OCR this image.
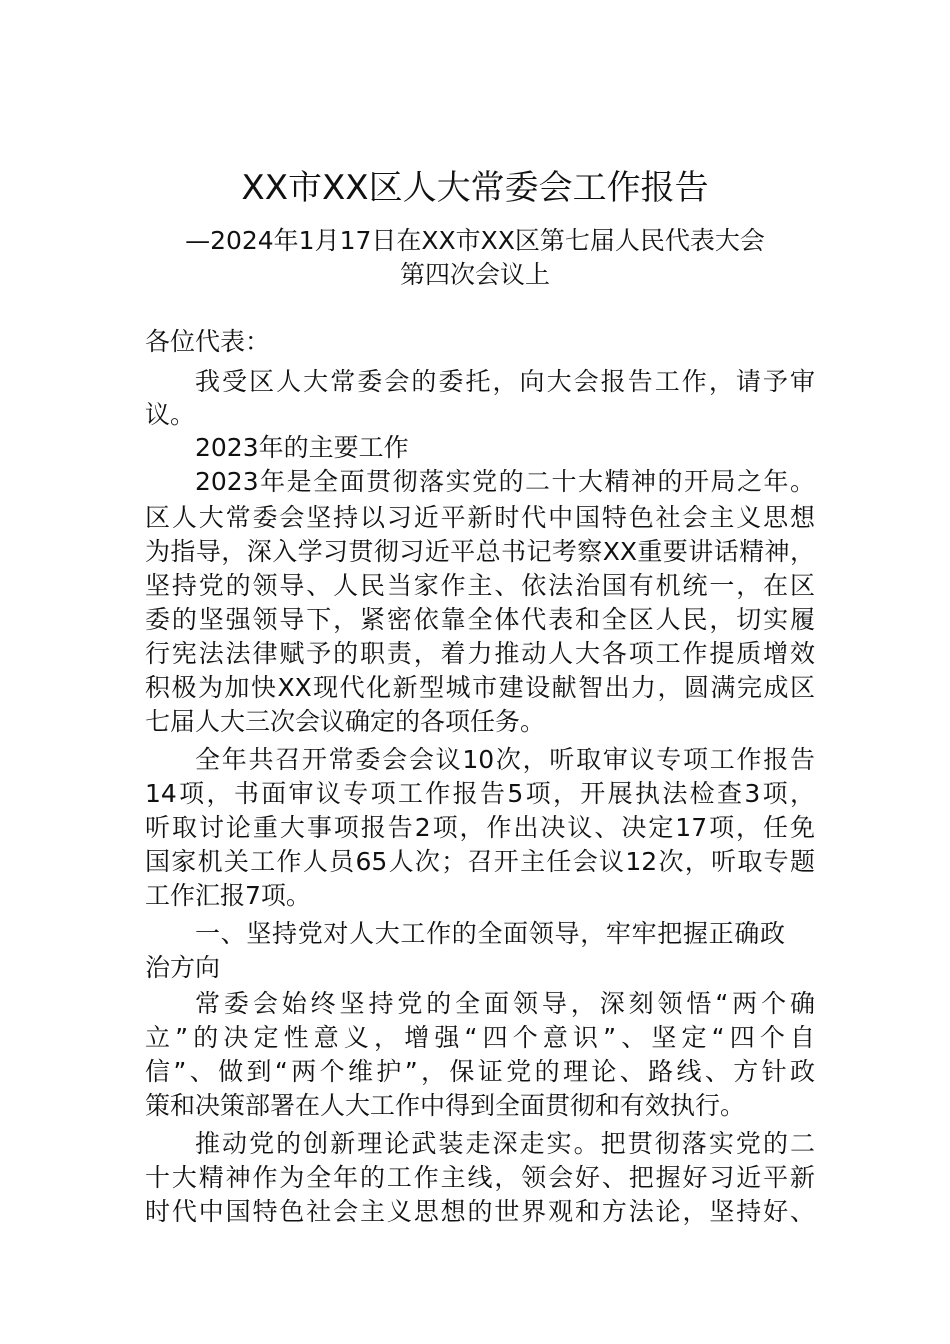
XX市XX区人大常委会工作报告
—2024年1月17日在XX市XX区第七届人民代表大会
第四次会议上
各位代表：
我受区人大常委会的委托，向大会报告工作，请予审
议。
2023年的主要工作
2023年是全面贯彻落实党的二十大精神的开局之年。
区人大常委会坚持以习近平新时代中国特色社会主义思想
为指导，深入学习贯彻习近平总书记考察XX重要讲话精神，
坚持党的领导、人民当家作主、依法治国有机统一，在区
委的坚强领导下，紧密依靠全体代表和全区人民，切实履
行宪法法律赋予的职责，着力推动人大各项工作提质增效
积极为加快XX现代化新型城市建设献智出力，圆满完成区
七届人大三次会议确定的各项任务。
全年共召开常委会会议10次，听取审议专项工作报告
14项，书面审议专项工作报告5项，开展执法检查3项，
听取讨论重大事项报告2项，作出决议、决定17项，任免
国家机关工作人员65人次；召开主任会议12次，听取专题
工作汇报7项。
一、坚持党对人大工作的全面领导，牢牢把握正确政
治方向
常委会始终坚持党的全面领导，深刻领悟“两个确
立”的决定性意义，增强“四个意识”、坚定“四个自
信”、做到“两个维护”，保证党的理论、路线、方针政
策和决策部署在人大工作中得到全面贯彻和有效执行。
推动党的创新理论武装走深走实。把贯彻落实党的二
十大精神作为全年的工作主线，领会好、把握好习近平新
时代中国特色社会主义思想的世界观和方法论，坚持好、
